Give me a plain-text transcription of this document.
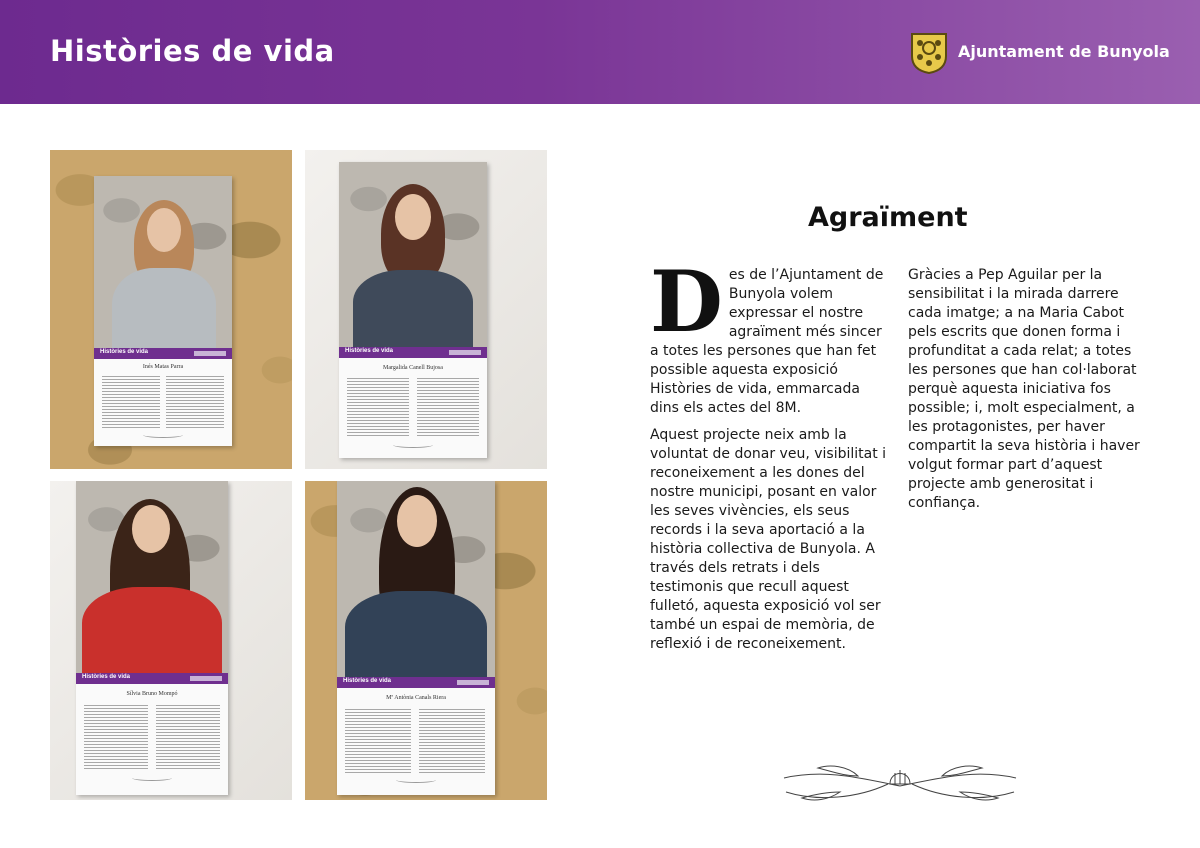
Històries de vida	Ajuntament de Bunyola
Històries de vida
Inés Matas Parra
Històries de vida
Margalida Canell Bujosa
Històries de vida
Sílvia Bruno Mompó
Històries de vida
Mª Antònia Canals Riera
Agraïment

Des de l’Ajuntament de Bunyola volem expressar el nostre agraïment més sincer a totes les persones que han fet possible aquesta exposició Històries de vida, emmarcada dins els actes del 8M.

Aquest projecte neix amb la voluntat de donar veu, visibilitat i reconeixement a les dones del nostre municipi, posant en valor les seves vivències, els seus records i la seva aportació a la història collectiva de Bunyola. A través dels retrats i dels testimonis que recull aquest fulletó, aquesta exposició vol ser també un espai de memòria, de reflexió i de reconeixement.

Gràcies a Pep Aguilar per la sensibilitat i la mirada darrere cada imatge; a na Maria Cabot pels escrits que donen forma i profunditat a cada relat; a totes les persones que han col·laborat perquè aquesta iniciativa fos possible; i, molt especialment, a les protagonistes, per haver compartit la seva història i haver volgut formar part d’aquest projecte amb generositat i confiança.
